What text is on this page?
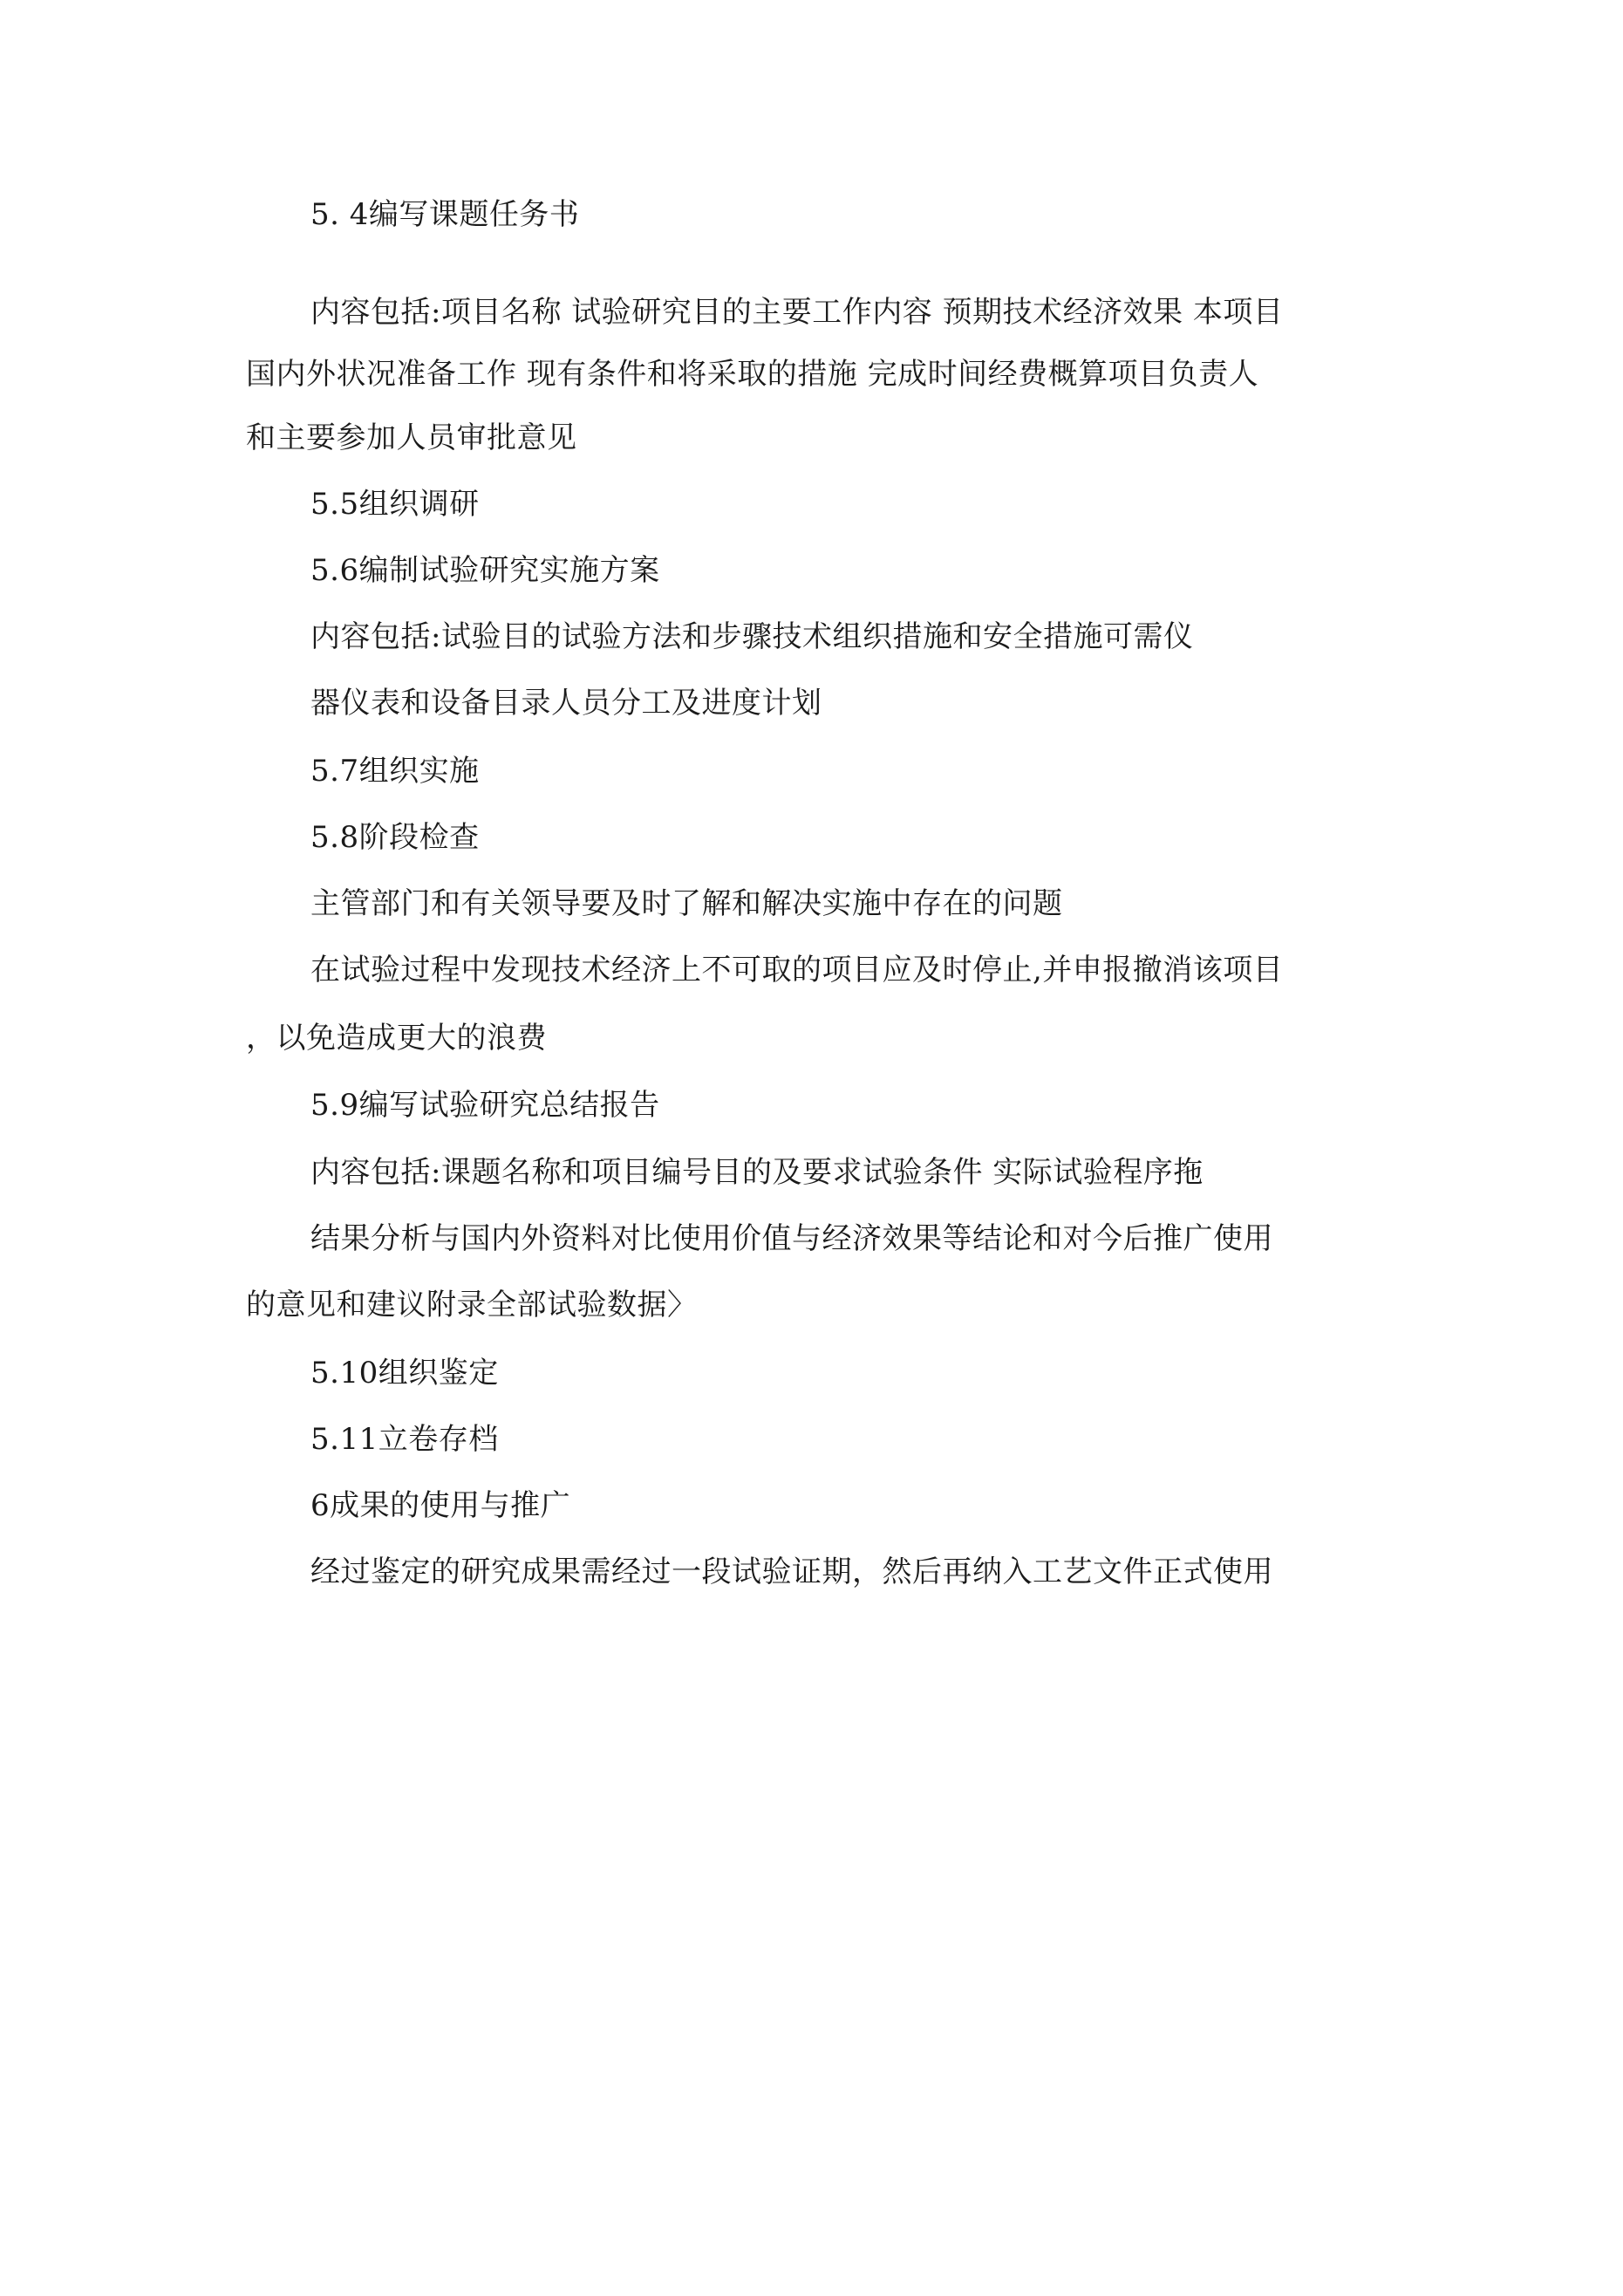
5. 4编写课题任务书
内容包括:项目名称 试验研究目的主要工作内容 预期技术经济效果 本项目
国内外状况准备工作 现有条件和将采取的措施 完成时间经费概算项目负责人
和主要参加人员审批意见
5.5组织调研
5.6编制试验研究实施方案
内容包括:试验目的试验方法和步骤技术组织措施和安全措施可需仪
器仪表和设备目录人员分工及进度计划
5.7组织实施
5.8阶段检查
主管部门和有关领导要及时了解和解决实施中存在的问题
在试验过程中发现技术经济上不可取的项目应及时停止,并申报撤消该项目
，以免造成更大的浪费
5.9编写试验研究总结报告
内容包括:课题名称和项目编号目的及要求试验条件 实际试验程序拖
结果分析与国内外资料对比使用价值与经济效果等结论和对今后推广使用
的意见和建议附录全部试验数据〉
5.10组织鉴定
5.11立卷存档
6成果的使用与推广
经过鉴定的研究成果需经过一段试验证期，然后再纳入工艺文件正式使用
